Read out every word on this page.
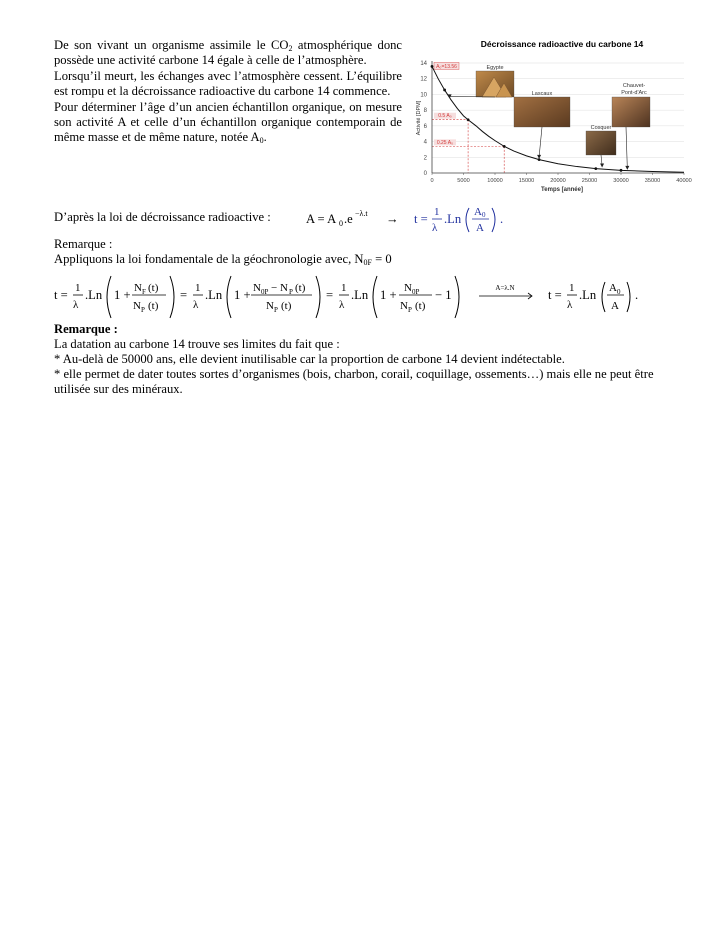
De son vivant un organisme assimile le $CO_2$ atmosphérique donc possède une activité carbone 14 égale à celle de l’atmosphère.

Lorsqu’il meurt, les échanges avec l’atmosphère cessent. L’équilibre est rompu et la décroissance radioactive du carbone 14 commence.

Pour déterminer l’âge d’un ancien échantillon organique, on mesure son activité A et celle d’un échantillon organique contemporain de même masse et de même nature, notée $A_0$.

Décroissance radioactive du carbone 14
0
2
4
6
8
10
12
14
0	5000	10000	15000	20000	25000	30000	35000	40000
Temps [année]
Activité [DPM]
A₀=13.56
0.5 A₀
0.25 A₀
Egypte
Lascaux
Cosquer
Chauvet-
Pont-d'Arc
D’après la loi de décroissance radioactive :	A = A 0 .e −λ.t → t = 1
λ
.Ln A 0
A
.

Remarque :

Appliquons la loi fondamentale de la géochronologie avec, $N_{0F} = 0$

t = 1
λ
.Ln 1 + N F (t)
N P (t)
= 1
λ
.Ln 1 + N 0P − N P (t)
N P (t)
= 1
λ
.Ln 1 + N 0P
N P (t)
− 1	A=λ.N	t = 1
λ
.Ln A 0
A
.

Remarque :

La datation au carbone 14 trouve ses limites du fait que :

* Au-delà de 50000 ans, elle devient inutilisable car la proportion de carbone 14 devient indétectable.

* elle permet de dater toutes sortes d’organismes (bois, charbon, corail, coquillage, ossements…) mais elle ne peut être utilisée sur des minéraux.
